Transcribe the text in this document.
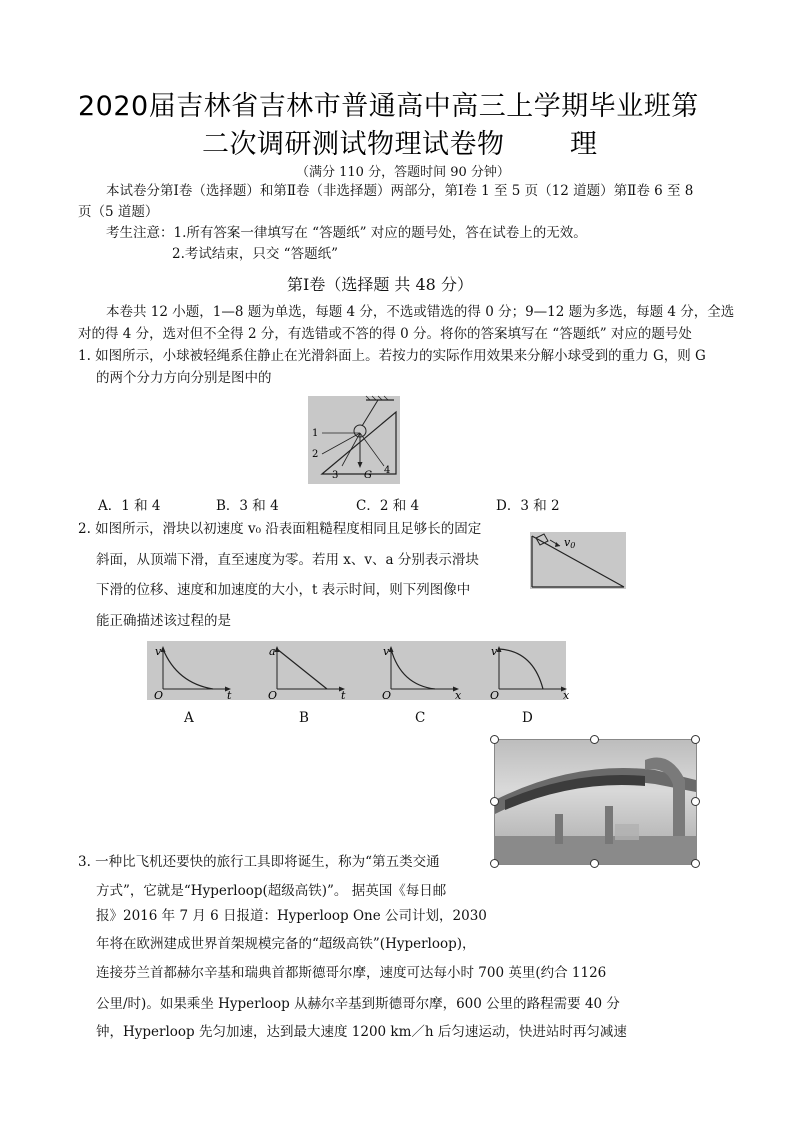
2020届吉林省吉林市普通高中高三上学期毕业班第
二次调研测试物理试卷物 理
（满分 110 分，答题时间 90 分钟）
本试卷分第Ⅰ卷（选择题）和第Ⅱ卷（非选择题）两部分，第Ⅰ卷 1 至 5 页（12 道题）第Ⅱ卷 6 至 8
页（5 道题）
考生注意：1.所有答案一律填写在 “答题纸” 对应的题号处，答在试卷上的无效。
2.考试结束，只交 “答题纸”
第Ⅰ卷（选择题 共 48 分）
本卷共 12 小题，1—8 题为单选，每题 4 分，不选或错选的得 0 分；9—12 题为多选，每题 4 分，全选
对的得 4 分，选对但不全得 2 分，有选错或不答的得 0 分。将你的答案填写在 “答题纸” 对应的题号处
1. 如图所示，小球被轻绳系住静止在光滑斜面上。若按力的实际作用效果来分解小球受到的重力 G，则 G
的两个分力方向分别是图中的
1
2
3	4
G
A．1 和 4	B．3 和 4	C．2 和 4	D．3 和 2
2. 如图所示，滑块以初速度 v₀ 沿表面粗糙程度相同且足够长的固定
斜面，从顶端下滑，直至速度为零。若用 x、v、a 分别表示滑块
下滑的位移、速度和加速度的大小，t 表示时间，则下列图像中
能正确描述该过程的是
v0
v
O	t
a
O	t
v
O	x
v
O	x
A	B	C	D
3. 一种比飞机还要快的旅行工具即将诞生，称为“第五类交通
方式”，它就是“Hyperloop(超级高铁)”。 据英国《每日邮
报》2016 年 7 月 6 日报道：Hyperloop One 公司计划，2030
年将在欧洲建成世界首架规模完备的“超级高铁”(Hyperloop)，
连接芬兰首都赫尔辛基和瑞典首都斯德哥尔摩，速度可达每小时 700 英里(约合 1126
公里/时)。如果乘坐 Hyperloop 从赫尔辛基到斯德哥尔摩，600 公里的路程需要 40 分
钟，Hyperloop 先匀加速，达到最大速度 1200 km／h 后匀速运动，快进站时再匀减速
